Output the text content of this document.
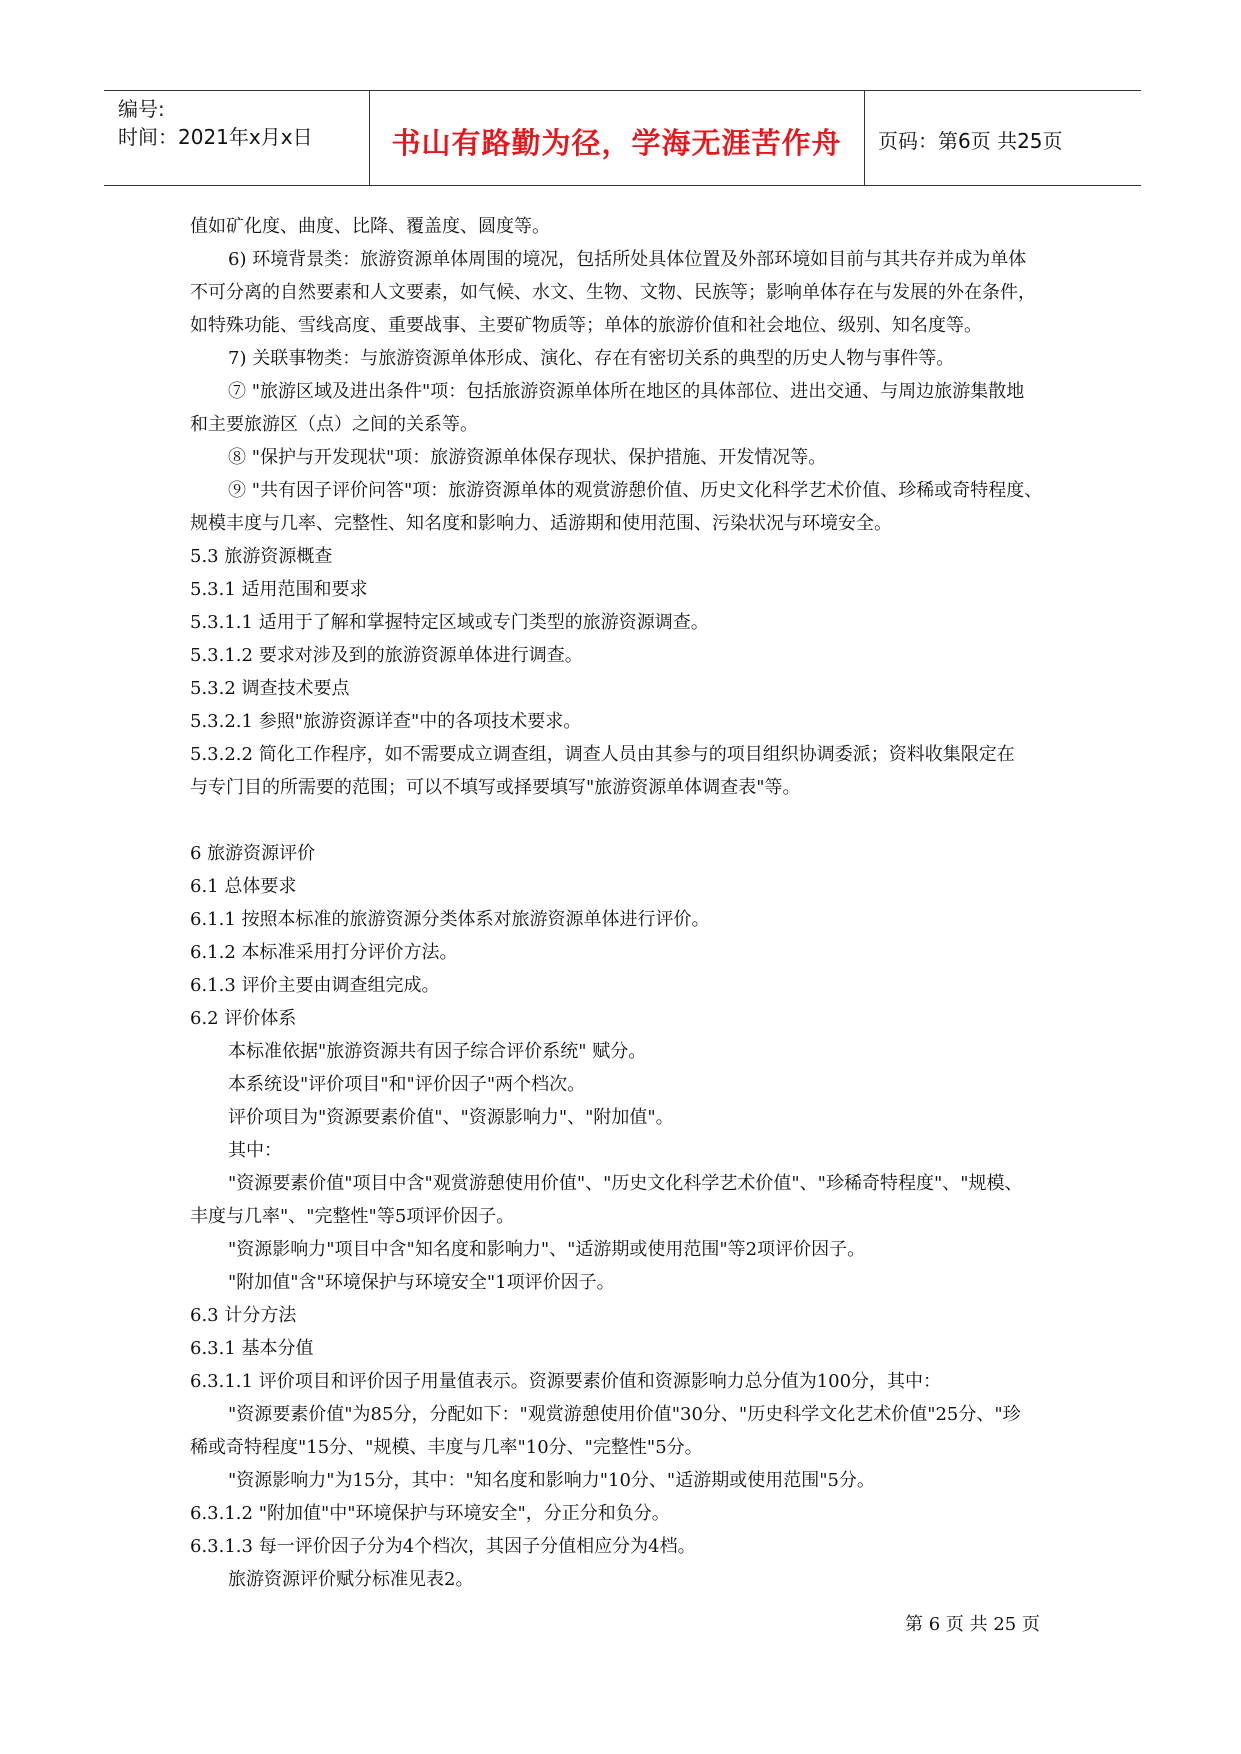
编号:
时间：2021年x月x日	书山有路勤为径，学海无涯苦作舟	页码：第6页 共25页
值如矿化度、曲度、比降、覆盖度、圆度等。
6) 环境背景类：旅游资源单体周围的境况，包括所处具体位置及外部环境如目前与其共存并成为单体
不可分离的自然要素和人文要素，如气候、水文、生物、文物、民族等；影响单体存在与发展的外在条件，
如特殊功能、雪线高度、重要战事、主要矿物质等；单体的旅游价值和社会地位、级别、知名度等。
7) 关联事物类：与旅游资源单体形成、演化、存在有密切关系的典型的历史人物与事件等。
⑦ "旅游区域及进出条件"项：包括旅游资源单体所在地区的具体部位、进出交通、与周边旅游集散地
和主要旅游区（点）之间的关系等。
⑧ "保护与开发现状"项：旅游资源单体保存现状、保护措施、开发情况等。
⑨ "共有因子评价问答"项：旅游资源单体的观赏游憩价值、历史文化科学艺术价值、珍稀或奇特程度、
规模丰度与几率、完整性、知名度和影响力、适游期和使用范围、污染状况与环境安全。
5.3 旅游资源概查
5.3.1 适用范围和要求
5.3.1.1 适用于了解和掌握特定区域或专门类型的旅游资源调查。
5.3.1.2 要求对涉及到的旅游资源单体进行调查。
5.3.2 调查技术要点
5.3.2.1 参照"旅游资源详查"中的各项技术要求。
5.3.2.2 简化工作程序，如不需要成立调查组，调查人员由其参与的项目组织协调委派；资料收集限定在
与专门目的所需要的范围；可以不填写或择要填写"旅游资源单体调查表"等。
6 旅游资源评价
6.1 总体要求
6.1.1 按照本标准的旅游资源分类体系对旅游资源单体进行评价。
6.1.2 本标准采用打分评价方法。
6.1.3 评价主要由调查组完成。
6.2 评价体系
本标准依据"旅游资源共有因子综合评价系统" 赋分。
本系统设"评价项目"和"评价因子"两个档次。
评价项目为"资源要素价值"、"资源影响力"、"附加值"。
其中：
"资源要素价值"项目中含"观赏游憩使用价值"、"历史文化科学艺术价值"、"珍稀奇特程度"、"规模、
丰度与几率"、"完整性"等5项评价因子。
"资源影响力"项目中含"知名度和影响力"、"适游期或使用范围"等2项评价因子。
"附加值"含"环境保护与环境安全"1项评价因子。
6.3 计分方法
6.3.1 基本分值
6.3.1.1 评价项目和评价因子用量值表示。资源要素价值和资源影响力总分值为100分，其中：
"资源要素价值"为85分，分配如下："观赏游憩使用价值"30分、"历史科学文化艺术价值"25分、"珍
稀或奇特程度"15分、"规模、丰度与几率"10分、"完整性"5分。
"资源影响力"为15分，其中："知名度和影响力"10分、"适游期或使用范围"5分。
6.3.1.2 "附加值"中"环境保护与环境安全"，分正分和负分。
6.3.1.3 每一评价因子分为4个档次，其因子分值相应分为4档。
旅游资源评价赋分标准见表2。
第 6 页 共 25 页
